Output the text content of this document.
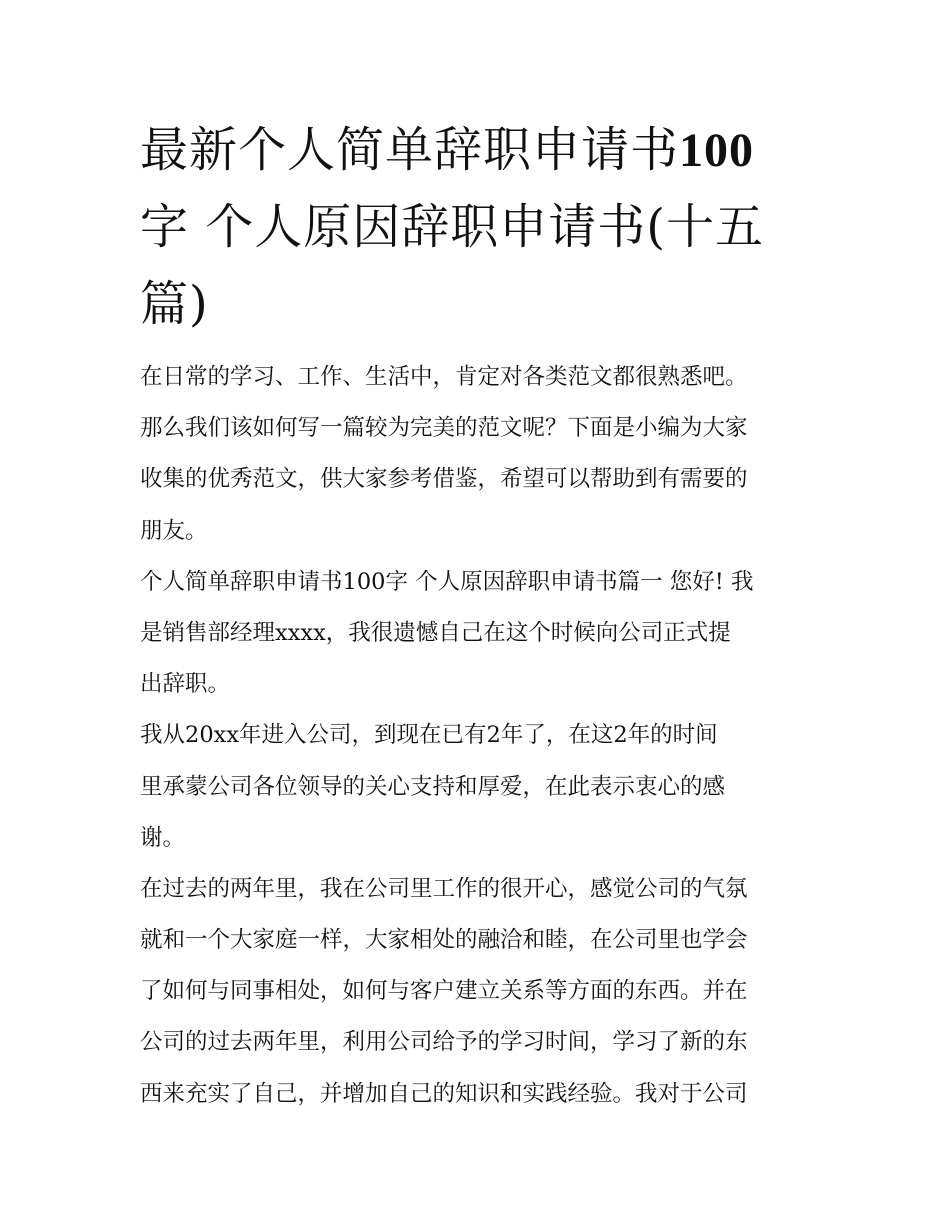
最新个人简单辞职申请书100
字 个人原因辞职申请书(十五
篇)
在日常的学习、工作、生活中，肯定对各类范文都很熟悉吧。
那么我们该如何写一篇较为完美的范文呢？下面是小编为大家
收集的优秀范文，供大家参考借鉴，希望可以帮助到有需要的
朋友。
个人简单辞职申请书100字 个人原因辞职申请书篇一 您好! 我
是销售部经理xxxx，我很遗憾自己在这个时候向公司正式提
出辞职。
我从20xx年进入公司，到现在已有2年了，在这2年的时间
里承蒙公司各位领导的关心支持和厚爱，在此表示衷心的感
谢。
在过去的两年里，我在公司里工作的很开心，感觉公司的气氛
就和一个大家庭一样，大家相处的融洽和睦，在公司里也学会
了如何与同事相处，如何与客户建立关系等方面的东西。并在
公司的过去两年里，利用公司给予的学习时间，学习了新的东
西来充实了自己，并增加自己的知识和实践经验。我对于公司
